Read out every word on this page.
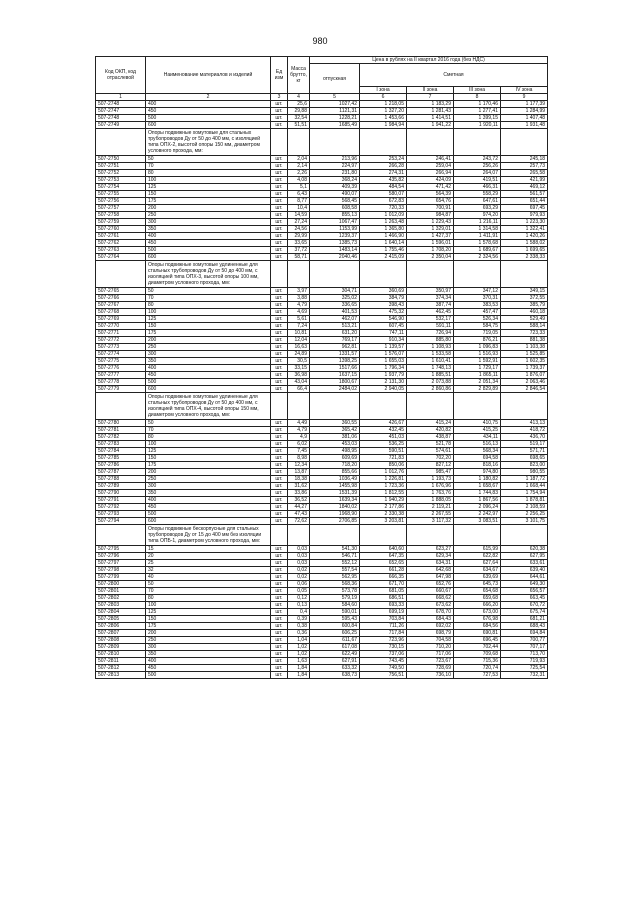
980
Код ОКП, код отраслевой	Наименование материалов и изделий	Ед изм	Масса брутто, кг	Цена в рублях на II квартал 2016 года (без НДС)				
				отпускная	Сметная			
					I зона	II зона	III зона	IV зона
1	2	3	4	5	6	7	8	9
507-2748	400	шт.	25,6	1027,42	1 218,05	1 183,29	1 170,46	1 177,39
507-2747	450	шт.	29,88	1121,31	1 327,20	1 281,43	1 277,41	1 284,99
507-2748	500	шт.	32,54	1228,21	1 453,66	1 414,51	1 399,15	1 407,48
507-2749	600	шт.	51,51	1685,49	1 984,94	1 941,22	1 920,11	1 931,48
	Опоры подвижные хомутовые для стальных трубопроводов Ду от 50 до 400 мм, с изоляцией типа ОПХ-2, высотой опоры 150 мм, диаметром условного прохода, мм:							
507-2750	50	шт.	2,04	213,96	253,24	246,41	243,72	245,18
507-2751	70	шт.	2,14	224,97	266,28	259,04	256,26	257,73
507-2752	80	шт.	2,26	231,80	274,31	266,94	264,07	265,58
507-2753	100	шт.	4,08	368,24	435,82	424,09	419,51	421,99
507-2754	125	шт.	5,1	409,39	484,54	471,42	466,31	469,12
507-2755	150	шт.	6,43	490,07	580,07	564,39	558,29	561,57
507-2756	175	шт.	8,77	568,45	672,83	654,76	647,61	651,44
507-2757	200	шт.	10,4	608,58	720,33	700,91	693,29	697,45
507-2758	250	шт.	14,59	855,13	1 012,09	984,87	974,20	979,93
507-2759	300	шт.	27,24	1067,47	1 263,48	1 229,43	1 216,11	1 223,30
507-2760	350	шт.	24,56	1153,99	1 365,80	1 329,01	1 314,58	1 322,41
507-2761	400	шт.	29,99	1239,37	1 466,90	1 427,37	1 411,91	1 420,26
507-2762	450	шт.	33,65	1385,73	1 640,14	1 596,01	1 578,68	1 588,02
507-2763	500	шт.	37,72	1483,14	1 755,46	1 708,20	1 689,67	1 699,65
507-2764	600	шт.	58,71	2040,46	2 415,09	2 350,04	2 324,56	2 338,33
	Опоры подвижные хомутовые удлиненные для стальных трубопроводов Ду от 50 до 400 мм, с изоляцией типа ОПХ-3, высотой опоры 100 мм, диаметром условного прохода, мм:							
507-2765	50	шт.	3,97	304,71	360,69	350,97	347,12	349,15
507-2766	70	шт.	3,88	325,02	384,79	374,34	370,31	372,55
507-2767	80	шт.	4,79	336,65	398,43	387,74	383,53	385,79
507-2768	100	шт.	4,69	401,53	475,32	462,45	457,47	460,18
507-2769	125	шт.	5,61	462,07	546,90	532,17	526,34	529,49
507-2770	150	шт.	7,24	513,21	607,45	591,11	584,75	588,14
507-2771	175	шт.	10,81	631,20	747,11	726,94	719,05	723,33
507-2772	200	шт.	12,04	769,17	910,34	885,80	876,21	881,38
507-2773	250	шт.	16,63	962,81	1 139,57	1 108,93	1 096,83	1 103,38
507-2774	300	шт.	24,89	1331,57	1 576,07	1 533,58	1 516,93	1 525,85
507-2775	350	шт.	30,5	1398,25	1 655,03	1 610,41	1 592,91	1 602,35
507-2776	400	шт.	33,15	1517,66	1 796,34	1 748,13	1 729,17	1 739,37
507-2777	450	шт.	36,98	1637,15	1 937,79	1 885,51	1 865,11	1 876,07
507-2778	500	шт.	43,04	1800,67	2 131,30	2 073,88	2 051,34	2 063,46
507-2779	600	шт.	66,4	2484,02	2 940,05	2 860,86	2 829,89	2 846,54
	Опоры подвижные хомутовые удлиненные для стальных трубопроводов Ду от 50 до 400 мм, с изоляцией типа ОПХ-4, высотой опоры 150 мм, диаметром условного прохода, мм:							
507-2780	50	шт.	4,49	360,55	426,67	415,24	410,75	413,13
507-2781	70	шт.	4,79	365,42	432,45	420,82	415,25	418,72
507-2782	80	шт.	4,9	381,06	451,03	438,87	434,11	436,70
507-2783	100	шт.	6,02	453,03	536,25	521,78	516,13	519,17
507-2784	125	шт.	7,45	498,95	590,51	574,61	568,34	571,71
507-2785	150	шт.	8,98	609,69	721,83	702,20	694,58	698,65
507-2786	175	шт.	12,34	718,20	850,06	827,12	818,16	823,00
507-2787	200	шт.	13,87	855,66	1 012,76	985,47	974,80	980,55
507-2788	250	шт.	18,38	1036,49	1 226,81	1 193,73	1 180,82	1 187,72
507-2789	300	шт.	31,62	1455,98	1 723,36	1 676,96	1 658,67	1 668,44
507-2790	350	шт.	33,86	1531,39	1 812,55	1 763,76	1 744,83	1 754,94
507-2791	400	шт.	36,52	1639,34	1 940,29	1 888,05	1 867,56	1 878,81
507-2792	450	шт.	44,27	1840,02	2 177,86	2 119,21	2 096,24	2 108,59
507-2793	500	шт.	47,43	1968,90	2 330,38	2 267,55	2 242,97	2 256,25
507-2794	600	шт.	72,62	2706,85	3 203,81	3 117,32	3 083,51	3 101,75
	Опоры подвижные бескорпусные для стальных трубопроводов Ду от 15 до 400 мм без изоляции типа ОПБ-1, диаметром условного прохода, мм:							
507-2795	15	шт.	0,03	541,30	640,60	623,27	615,99	620,38
507-2796	20	шт.	0,03	546,71	647,35	629,34	622,82	627,95
507-2797	25	шт.	0,03	552,12	652,65	634,31	627,64	633,61
507-2798	32	шт.	0,02	557,54	661,28	642,68	634,67	639,40
507-2799	40	шт.	0,02	562,95	666,35	647,98	639,69	644,61
507-2800	50	шт.	0,06	568,36	671,70	652,76	645,73	649,30
507-2801	70	шт.	0,05	573,78	681,05	660,67	654,68	656,57
507-2802	80	шт.	0,12	579,19	686,51	668,62	659,68	663,45
507-2803	100	шт.	0,13	584,60	693,33	673,62	666,20	670,72
507-2804	125	шт.	0,4	590,01	699,19	678,70	673,00	675,74
507-2805	150	шт.	0,39	595,43	703,84	684,43	676,98	681,21
507-2806	175	шт.	0,38	600,84	711,26	692,02	684,56	688,43
507-2807	200	шт.	0,36	606,25	717,84	698,79	690,81	694,84
507-2808	250	шт.	1,04	611,67	723,96	704,58	696,45	700,77
507-2809	300	шт.	1,02	617,08	730,15	710,20	702,44	707,17
507-2810	350	шт.	1,02	622,49	737,06	717,06	709,68	713,70
507-2811	400	шт.	1,63	627,91	743,45	723,67	715,36	719,93
507-2812	450	шт.	1,84	633,32	749,50	728,69	720,74	725,54
507-2813	500	шт.	1,84	638,73	756,51	736,10	727,53	732,31
